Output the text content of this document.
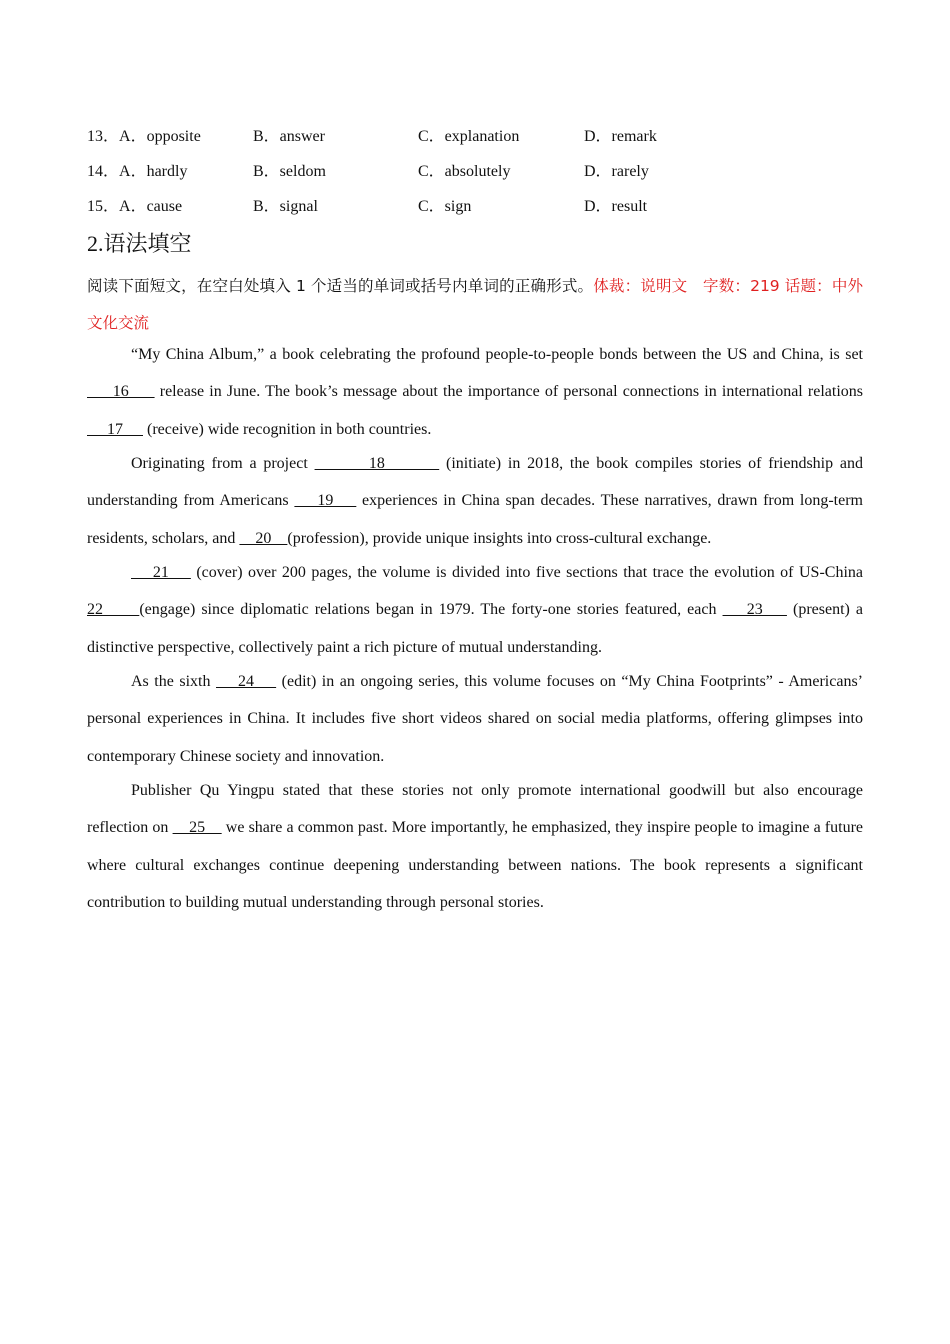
13．A．opposite	B．answer	C．explanation	D．remark
14．A．hardly	B．seldom	C．absolutely	D．rarely
15．A．cause	B．signal	C．sign	D．result
2.语法填空
阅读下面短文，在空白处填入 1 个适当的单词或括号内单词的正确形式。体裁：说明文　字数：219 话题：中外文化交流

“My China Album,” a book celebrating the profound people-to-people bonds between the US and China, is set      16      release in June. The book’s message about the importance of personal connections in international relations      17      (receive) wide recognition in both countries.

Originating from a project         18         (initiate) in 2018, the book compiles stories of friendship and understanding from Americans     19     experiences in China span decades. These narratives, drawn from long-term residents, scholars, and     20    (profession), provide unique insights into cross-cultural exchange.

21     (cover) over 200 pages, the volume is divided into five sections that trace the evolution of US-China 22      (engage) since diplomatic relations began in 1979. The forty-one stories featured, each     23     (present) a distinctive perspective, collectively paint a rich picture of mutual understanding.

As the sixth     24     (edit) in an ongoing series, this volume focuses on “My China Footprints” - Americans’ personal experiences in China. It includes five short videos shared on social media platforms, offering glimpses into contemporary Chinese society and innovation.

Publisher Qu Yingpu stated that these stories not only promote international goodwill but also encourage reflection on     25     we share a common past. More importantly, he emphasized, they inspire people to imagine a future where cultural exchanges continue deepening understanding between nations. The book represents a significant contribution to building mutual understanding through personal stories.
